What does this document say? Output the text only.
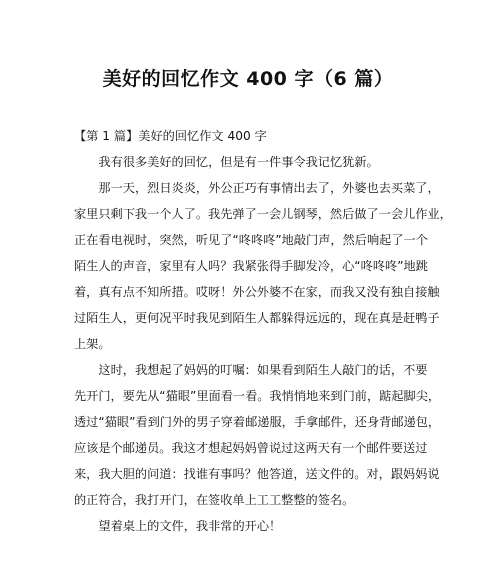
美好的回忆作文 400 字（6 篇）
【第 1 篇】美好的回忆作文 400 字
我有很多美好的回忆，但是有一件事令我记忆犹新。
那一天，烈日炎炎，外公正巧有事情出去了，外婆也去买菜了，
家里只剩下我一个人了。我先弹了一会儿钢琴，然后做了一会儿作业，
正在看电视时，突然，听见了“咚咚咚”地敲门声，然后响起了一个
陌生人的声音，家里有人吗？我紧张得手脚发冷，心“咚咚咚”地跳
着，真有点不知所措。哎呀！外公外婆不在家，而我又没有独自接触
过陌生人，更何况平时我见到陌生人都躲得远远的，现在真是赶鸭子
上架。
这时，我想起了妈妈的叮嘱：如果看到陌生人敲门的话，不要
先开门，要先从“猫眼”里面看一看。我悄悄地来到门前，踮起脚尖，
透过“猫眼”看到门外的男子穿着邮递服，手拿邮件，还身背邮递包，
应该是个邮递员。我这才想起妈妈曾说过这两天有一个邮件要送过
来，我大胆的问道：找谁有事吗？他答道，送文件的。对，跟妈妈说
的正符合，我打开门，在签收单上工工整整的签名。
望着桌上的文件，我非常的开心！
